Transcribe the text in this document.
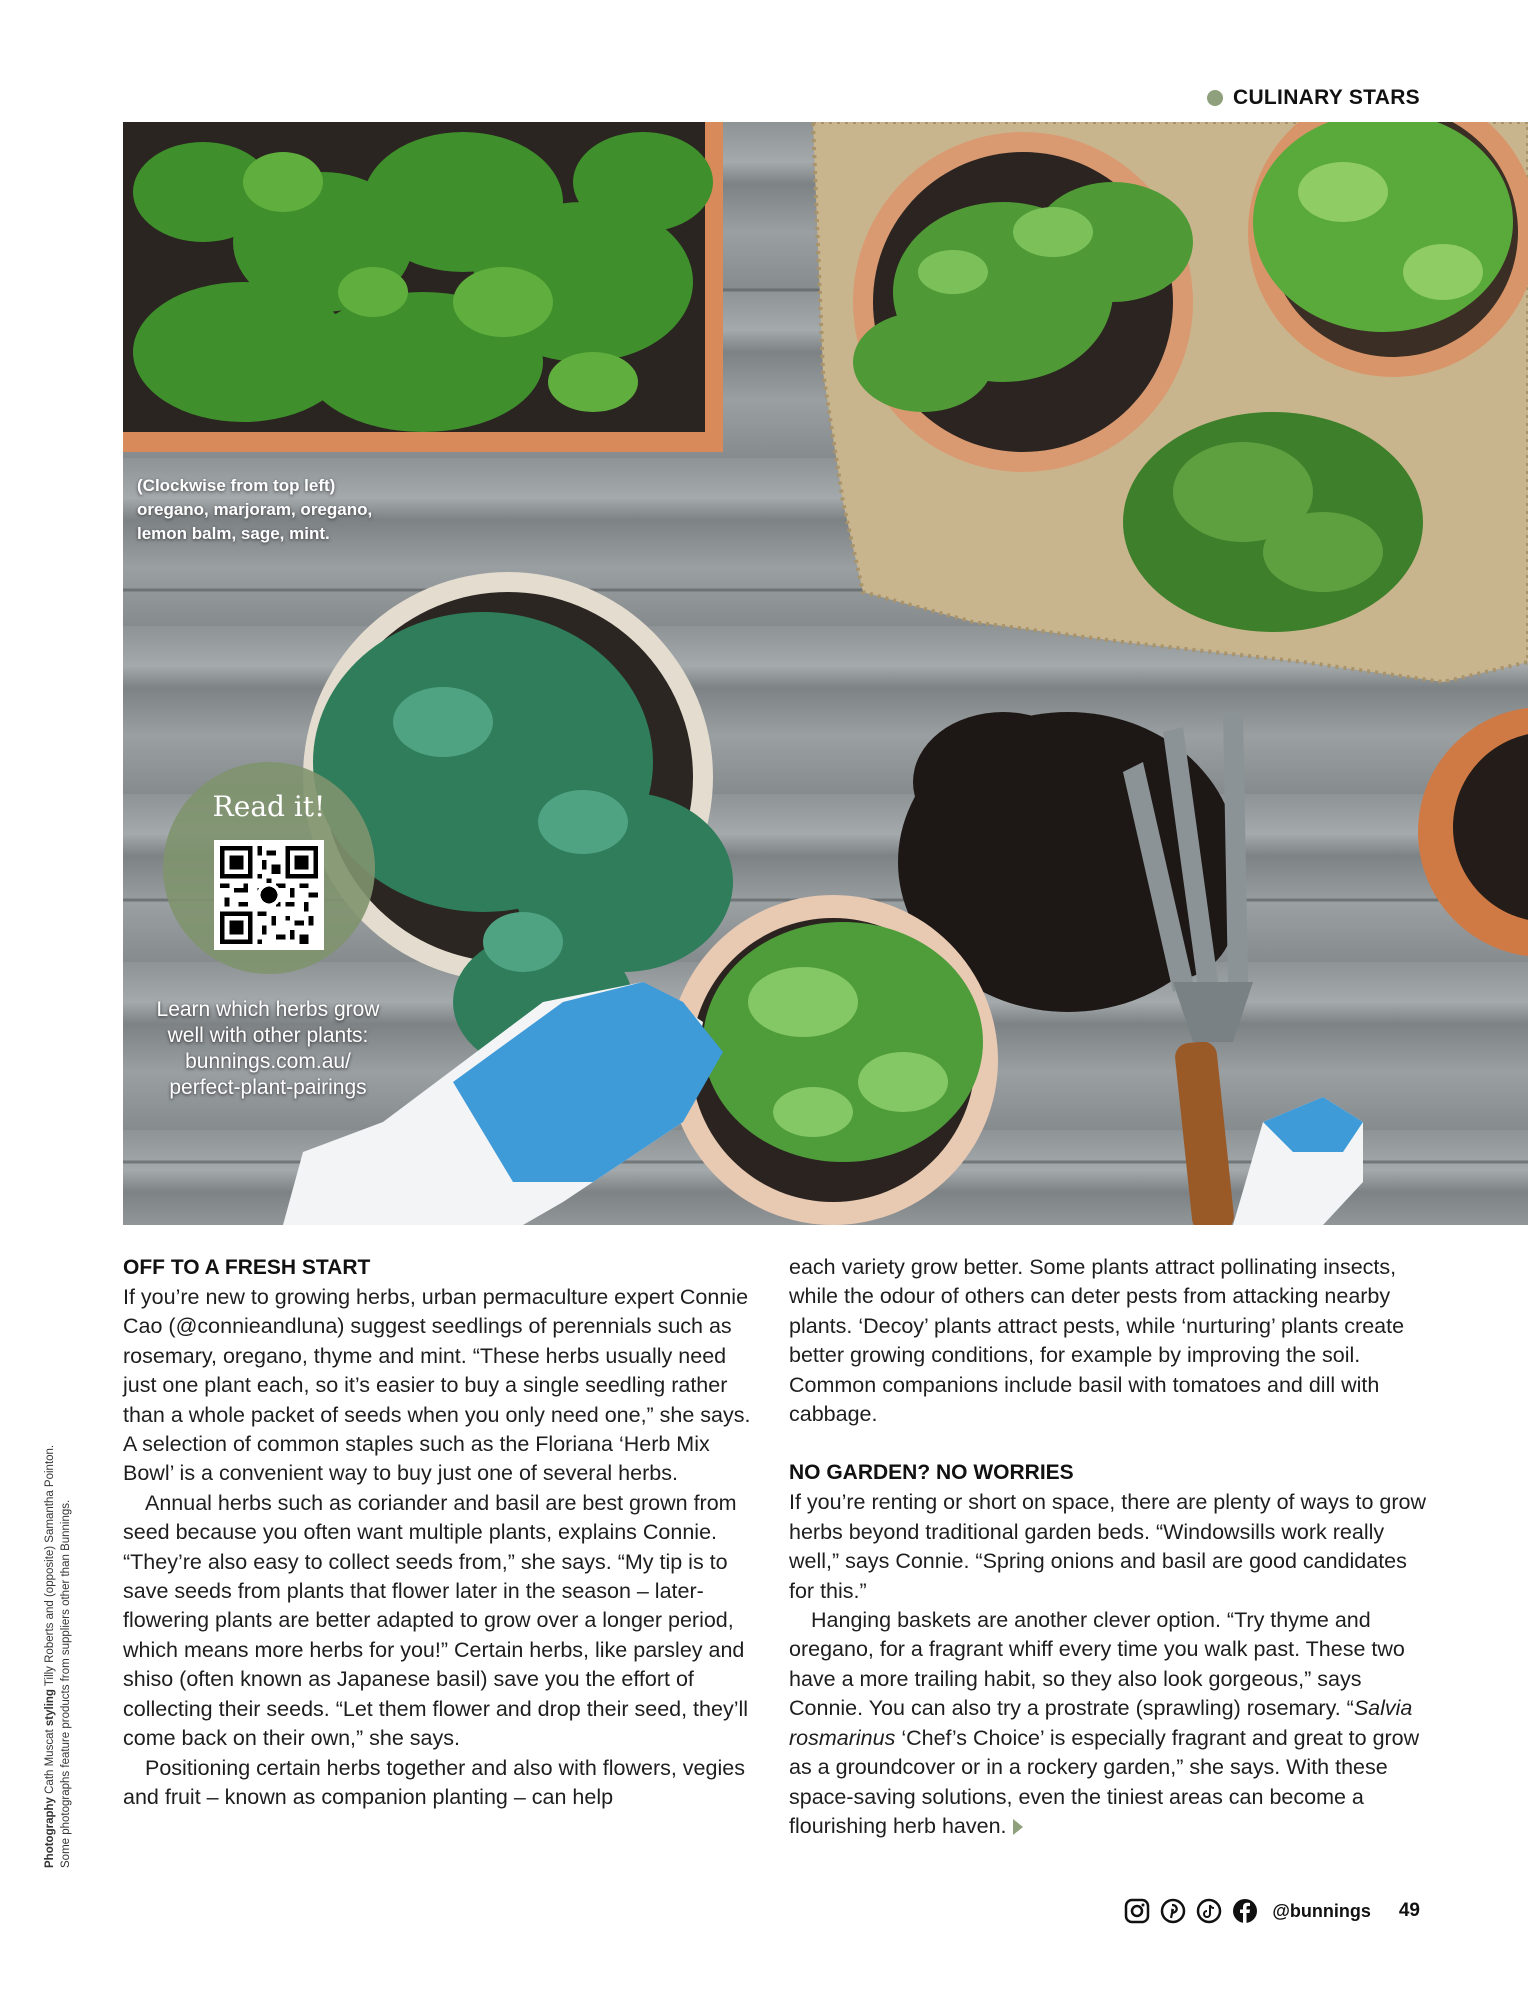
CULINARY STARS
(Clockwise from top left)
oregano, marjoram, oregano,
lemon balm, sage, mint.
Read it!
Learn which herbs grow
well with other plants:
bunnings.com.au/
perfect-plant-pairings
Photography Cath Muscat styling Tilly Roberts and (opposite) Samantha Pointon. Some photographs feature products from suppliers other than Bunnings.
OFF TO A FRESH START

If you’re new to growing herbs, urban permaculture expert Connie Cao (@connieandluna) suggest seedlings of perennials such as rosemary, oregano, thyme and mint. “These herbs usually need just one plant each, so it’s easier to buy a single seedling rather than a whole packet of seeds when you only need one,” she says. A selection of common staples such as the Floriana ‘Herb Mix Bowl’ is a convenient way to buy just one of several herbs.

Annual herbs such as coriander and basil are best grown from seed because you often want multiple plants, explains Connie. “They’re also easy to collect seeds from,” she says. “My tip is to save seeds from plants that flower later in the season – later-flowering plants are better adapted to grow over a longer period, which means more herbs for you!” Certain herbs, like parsley and shiso (often known as Japanese basil) save you the effort of collecting their seeds. “Let them flower and drop their seed, they’ll come back on their own,” she says.

Positioning certain herbs together and also with flowers, vegies and fruit – known as companion planting – can help

each variety grow better. Some plants attract pollinating insects, while the odour of others can deter pests from attacking nearby plants. ‘Decoy’ plants attract pests, while ‘nurturing’ plants create better growing conditions, for example by improving the soil. Common companions include basil with tomatoes and dill with cabbage.

NO GARDEN? NO WORRIES

If you’re renting or short on space, there are plenty of ways to grow herbs beyond traditional garden beds. “Windowsills work really well,” says Connie. “Spring onions and basil are good candidates for this.”

Hanging baskets are another clever option. “Try thyme and oregano, for a fragrant whiff every time you walk past. These two have a more trailing habit, so they also look gorgeous,” says Connie. You can also try a prostrate (sprawling) rosemary. “Salvia rosmarinus ‘Chef’s Choice’ is especially fragrant and great to grow as a groundcover or in a rockery garden,” she says. With these space-saving solutions, even the tiniest areas can become a flourishing herb haven.

@bunnings 49
